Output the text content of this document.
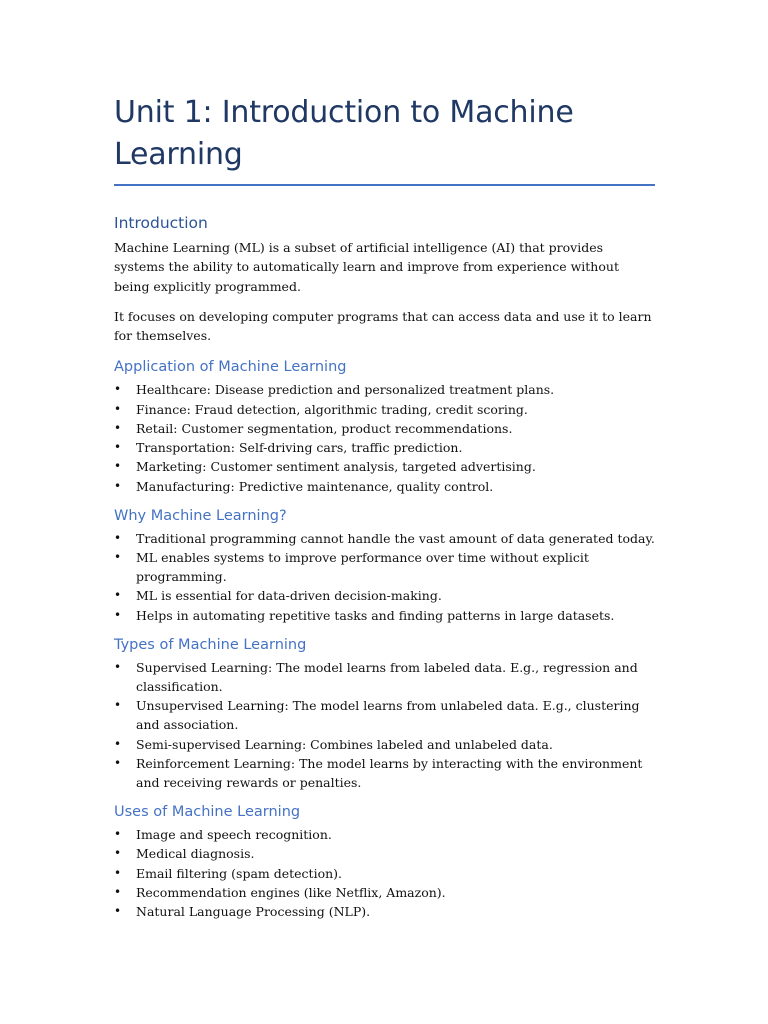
Unit 1: Introduction to Machine Learning
Introduction

Machine Learning (ML) is a subset of artificial intelligence (AI) that provides systems the ability to automatically learn and improve from experience without being explicitly programmed.

It focuses on developing computer programs that can access data and use it to learn for themselves.

Application of Machine Learning
• Healthcare: Disease prediction and personalized treatment plans.
• Finance: Fraud detection, algorithmic trading, credit scoring.
• Retail: Customer segmentation, product recommendations.
• Transportation: Self-driving cars, traffic prediction.
• Marketing: Customer sentiment analysis, targeted advertising.
• Manufacturing: Predictive maintenance, quality control.
Why Machine Learning?
• Traditional programming cannot handle the vast amount of data generated today.
• ML enables systems to improve performance over time without explicit programming.
• ML is essential for data-driven decision-making.
• Helps in automating repetitive tasks and finding patterns in large datasets.
Types of Machine Learning
• Supervised Learning: The model learns from labeled data. E.g., regression and classification.
• Unsupervised Learning: The model learns from unlabeled data. E.g., clustering and association.
• Semi-supervised Learning: Combines labeled and unlabeled data.
• Reinforcement Learning: The model learns by interacting with the environment and receiving rewards or penalties.
Uses of Machine Learning
• Image and speech recognition.
• Medical diagnosis.
• Email filtering (spam detection).
• Recommendation engines (like Netflix, Amazon).
• Natural Language Processing (NLP).
